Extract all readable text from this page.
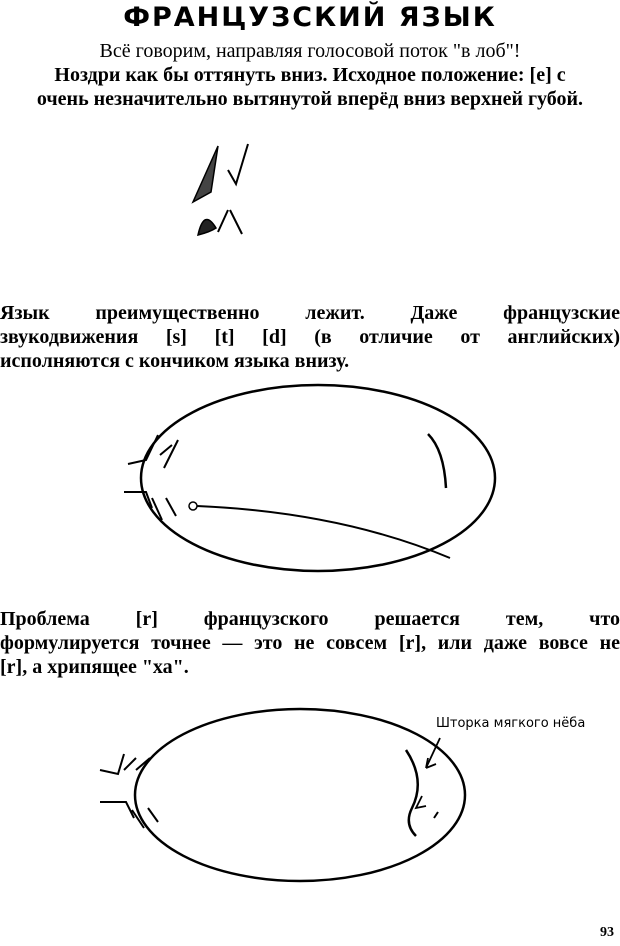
ФРАНЦУЗСКИЙ ЯЗЫК
Всё говорим, направляя голосовой поток "в лоб"!
Ноздри как бы оттянуть вниз. Исходное положение: [e] с
очень незначительно вытянутой вперёд вниз верхней губой.
Язык преимущественно лежит. Даже французские
звукодвижения [s] [t] [d] (в отличие от английских)
исполняются с кончиком языка внизу.
Проблема [r] французского решается тем, что
формулируется точнее — это не совсем [r], или даже вовсе не
[r], а хрипящее "ха".
Шторка мягкого нёба
93
